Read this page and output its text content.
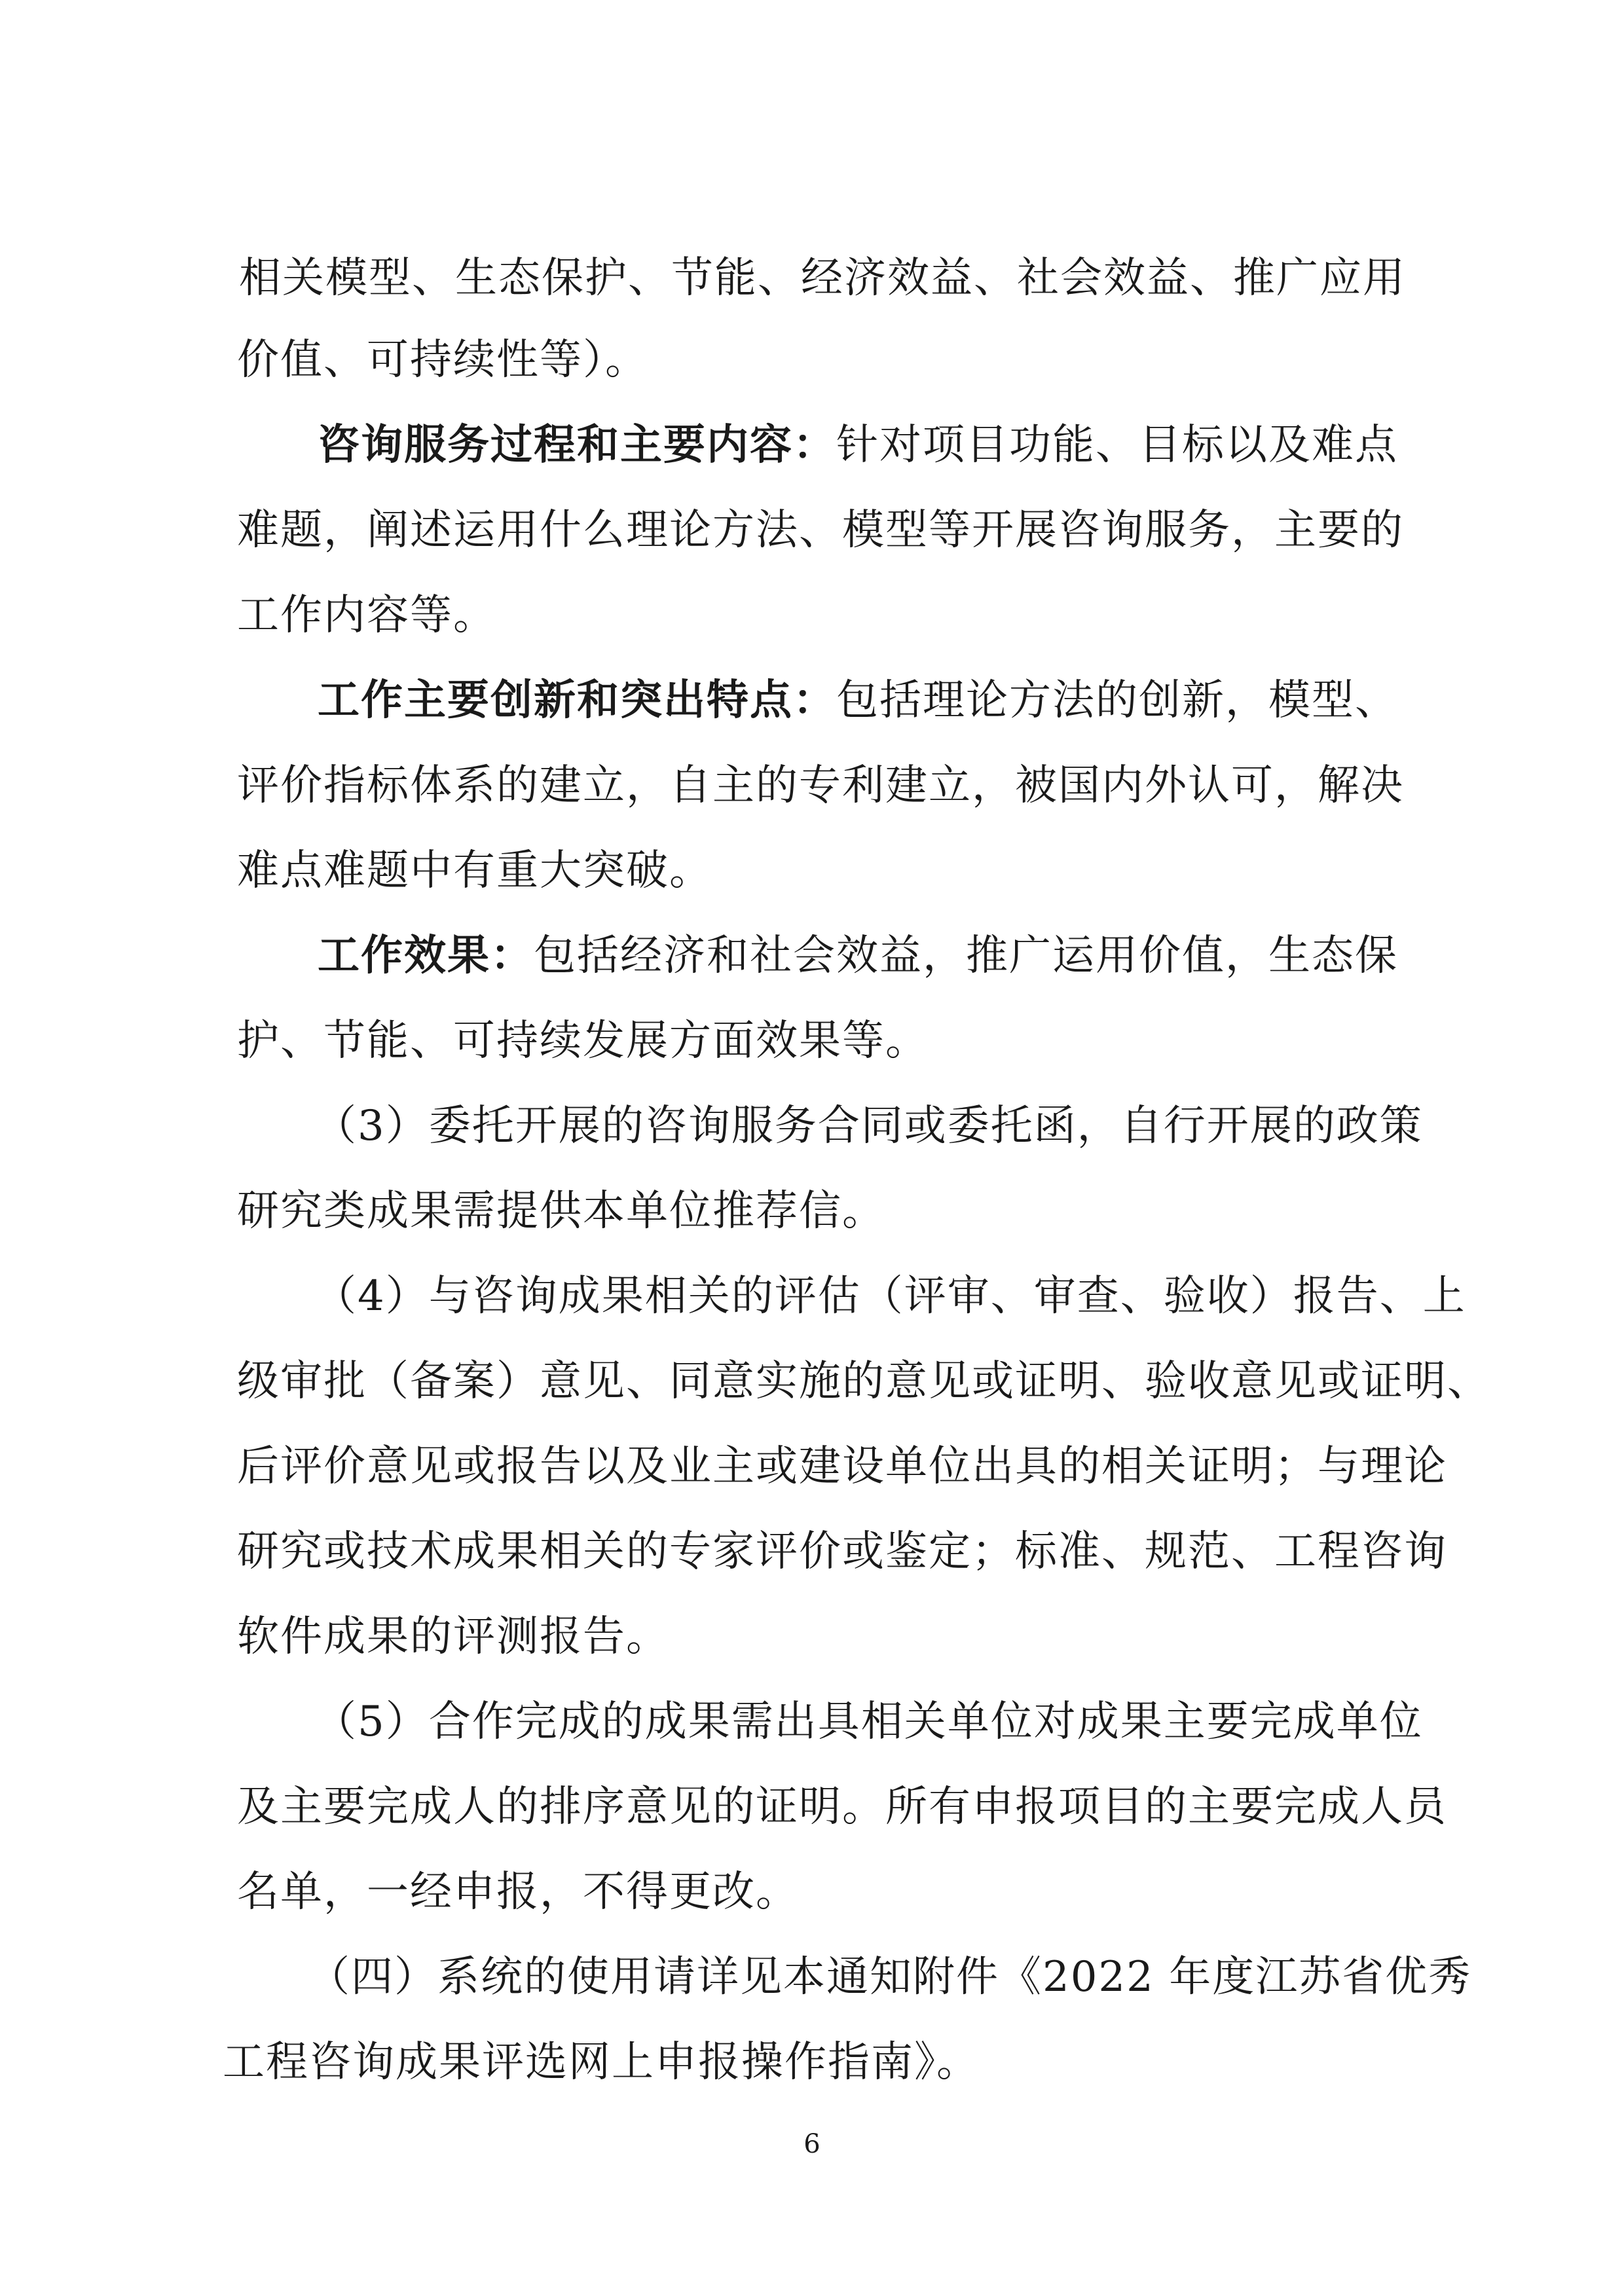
相关模型、生态保护、节能、经济效益、社会效益、推广应用
价值、可持续性等）。
咨询服务过程和主要内容：针对项目功能、目标以及难点
难题，阐述运用什么理论方法、模型等开展咨询服务，主要的
工作内容等。
工作主要创新和突出特点：包括理论方法的创新，模型、
评价指标体系的建立，自主的专利建立，被国内外认可，解决
难点难题中有重大突破。
工作效果：包括经济和社会效益，推广运用价值，生态保
护、节能、可持续发展方面效果等。
（3）委托开展的咨询服务合同或委托函，自行开展的政策
研究类成果需提供本单位推荐信。
（4）与咨询成果相关的评估（评审、审查、验收）报告、上
级审批（备案）意见、同意实施的意见或证明、验收意见或证明、
后评价意见或报告以及业主或建设单位出具的相关证明；与理论
研究或技术成果相关的专家评价或鉴定；标准、规范、工程咨询
软件成果的评测报告。
（5）合作完成的成果需出具相关单位对成果主要完成单位
及主要完成人的排序意见的证明。所有申报项目的主要完成人员
名单，一经申报，不得更改。
（四）系统的使用请详见本通知附件《2022 年度江苏省优秀
工程咨询成果评选网上申报操作指南》。
6
